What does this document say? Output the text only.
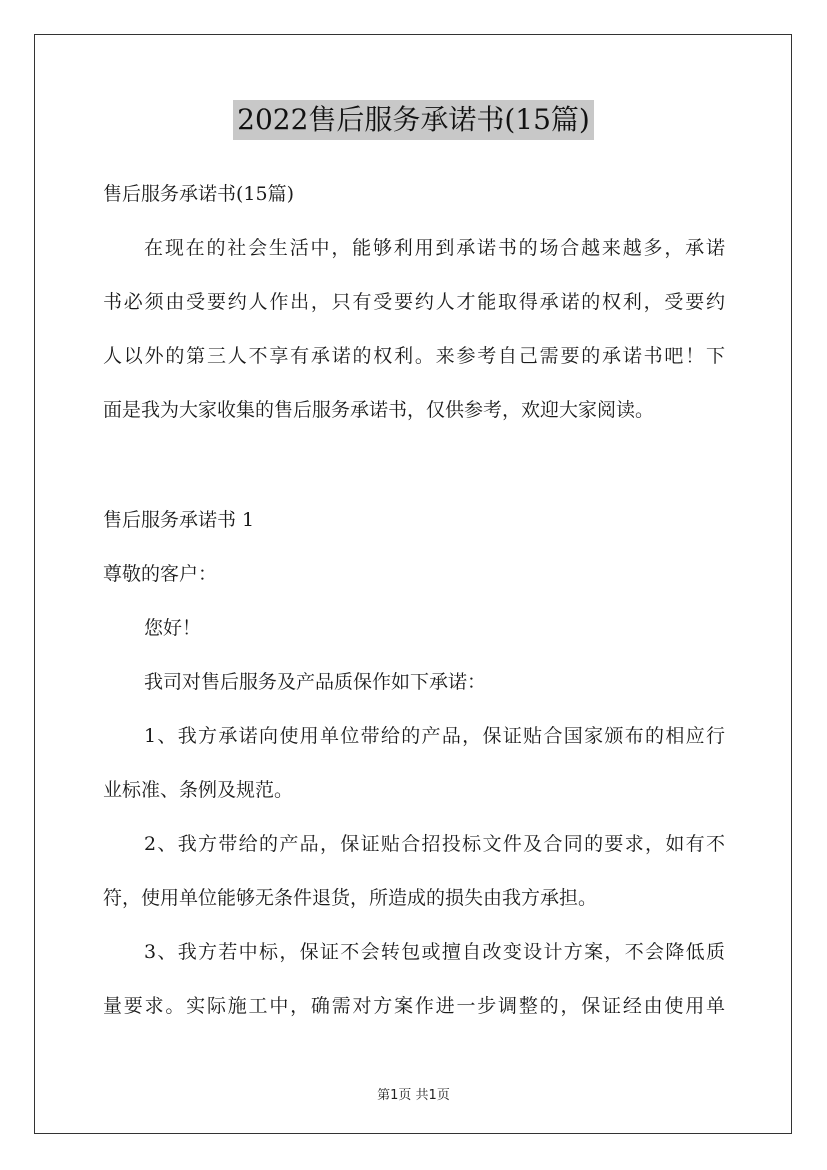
2022售后服务承诺书(15篇)
售后服务承诺书(15篇)
在现在的社会生活中，能够利用到承诺书的场合越来越多，承诺
书必须由受要约人作出，只有受要约人才能取得承诺的权利，受要约
人以外的第三人不享有承诺的权利。来参考自己需要的承诺书吧！下
面是我为大家收集的售后服务承诺书，仅供参考，欢迎大家阅读。
售后服务承诺书 1
尊敬的客户：
您好！
我司对售后服务及产品质保作如下承诺：
1、我方承诺向使用单位带给的产品，保证贴合国家颁布的相应行
业标准、条例及规范。
2、我方带给的产品，保证贴合招投标文件及合同的要求，如有不
符，使用单位能够无条件退货，所造成的损失由我方承担。
3、我方若中标，保证不会转包或擅自改变设计方案，不会降低质
量要求。实际施工中，确需对方案作进一步调整的，保证经由使用单
第1页 共1页
